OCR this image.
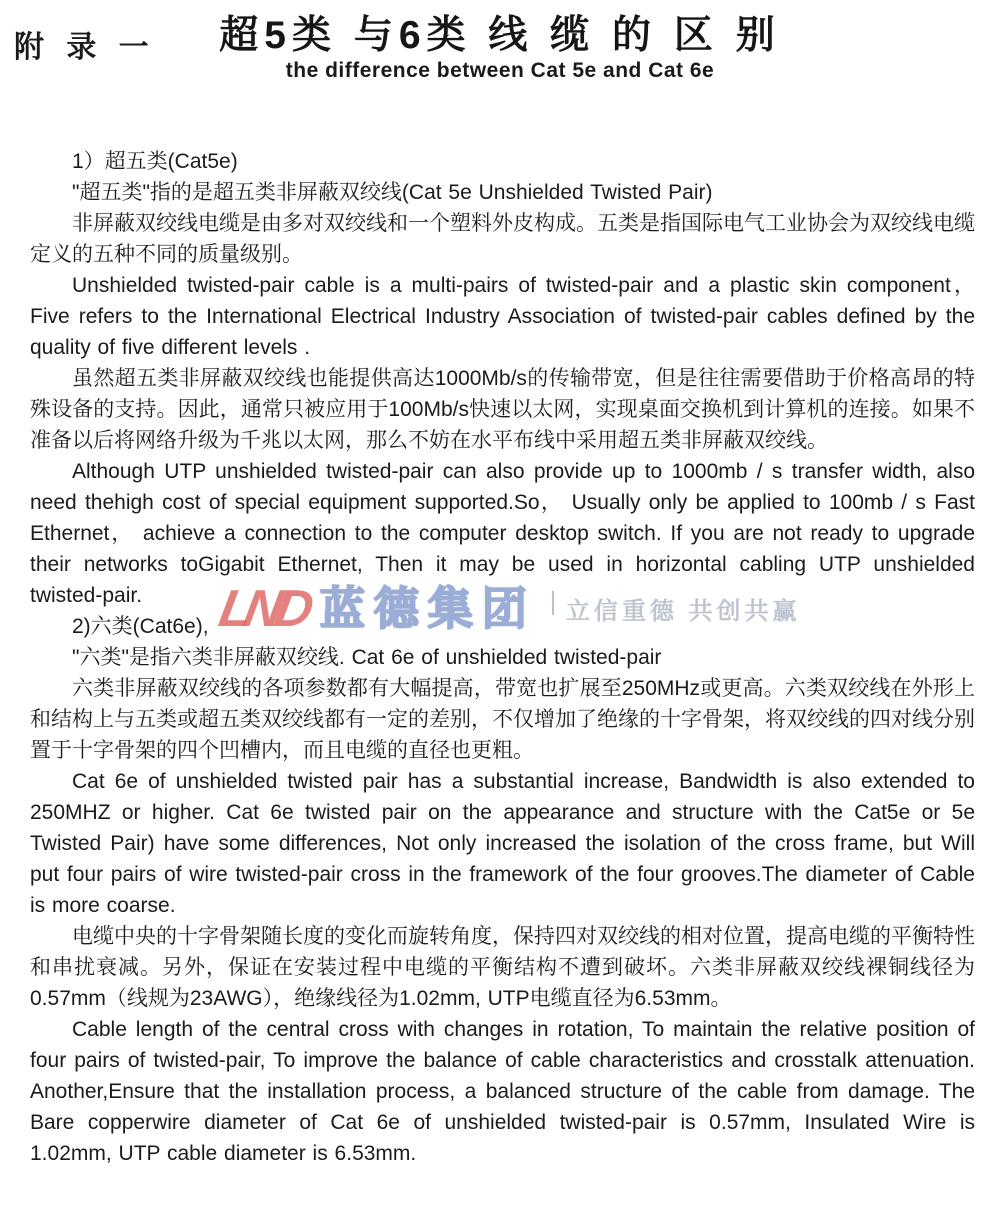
附 录 一	超5类 与6类 线 缆 的 区 别
the difference between Cat 5e and Cat 6e
LND 蓝德集团 立信重德 共创共赢

1）超五类(Cat5e)

"超五类"指的是超五类非屏蔽双绞线(Cat 5e Unshielded Twisted Pair)

非屏蔽双绞线电缆是由多对双绞线和一个塑料外皮构成。五类是指国际电气工业协会为双绞线电缆定义的五种不同的质量级别。

Unshielded twisted-pair cable is a multi-pairs of twisted-pair and a plastic skin component， Five refers to the International Electrical Industry Association of twisted-pair cables defined by the quality of five different levels .

虽然超五类非屏蔽双绞线也能提供高达1000Mb/s的传输带宽，但是往往需要借助于价格高昂的特殊设备的支持。因此，通常只被应用于100Mb/s快速以太网，实现桌面交换机到计算机的连接。如果不准备以后将网络升级为千兆以太网，那么不妨在水平布线中采用超五类非屏蔽双绞线。

Although UTP unshielded twisted-pair can also provide up to 1000mb / s transfer width, also need thehigh cost of special equipment supported.So， Usually only be applied to 100mb / s Fast Ethernet， achieve a connection to the computer desktop switch. If you are not ready to upgrade their networks toGigabit Ethernet, Then it may be used in horizontal cabling UTP unshielded twisted-pair.

2)六类(Cat6e),

"六类"是指六类非屏蔽双绞线. Cat 6e of unshielded twisted-pair

六类非屏蔽双绞线的各项参数都有大幅提高，带宽也扩展至250MHz或更高。六类双绞线在外形上和结构上与五类或超五类双绞线都有一定的差别，不仅增加了绝缘的十字骨架，将双绞线的四对线分别置于十字骨架的四个凹槽内，而且电缆的直径也更粗。

Cat 6e of unshielded twisted pair has a substantial increase, Bandwidth is also extended to 250MHZ or higher. Cat 6e twisted pair on the appearance and structure with the Cat5e or 5e Twisted Pair) have some differences, Not only increased the isolation of the cross frame, but Will put four pairs of wire twisted-pair cross in the framework of the four grooves.The diameter of Cable is more coarse.

电缆中央的十字骨架随长度的变化而旋转角度，保持四对双绞线的相对位置，提高电缆的平衡特性和串扰衰减。另外，保证在安装过程中电缆的平衡结构不遭到破坏。六类非屏蔽双绞线裸铜线径为0.57mm（线规为23AWG），绝缘线径为1.02mm, UTP电缆直径为6.53mm。

Cable length of the central cross with changes in rotation, To maintain the relative position of four pairs of twisted-pair, To improve the balance of cable characteristics and crosstalk attenuation. Another,Ensure that the installation process, a balanced structure of the cable from damage. The Bare copperwire diameter of Cat 6e of unshielded twisted-pair is 0.57mm, Insulated Wire is 1.02mm, UTP cable diameter is 6.53mm.
